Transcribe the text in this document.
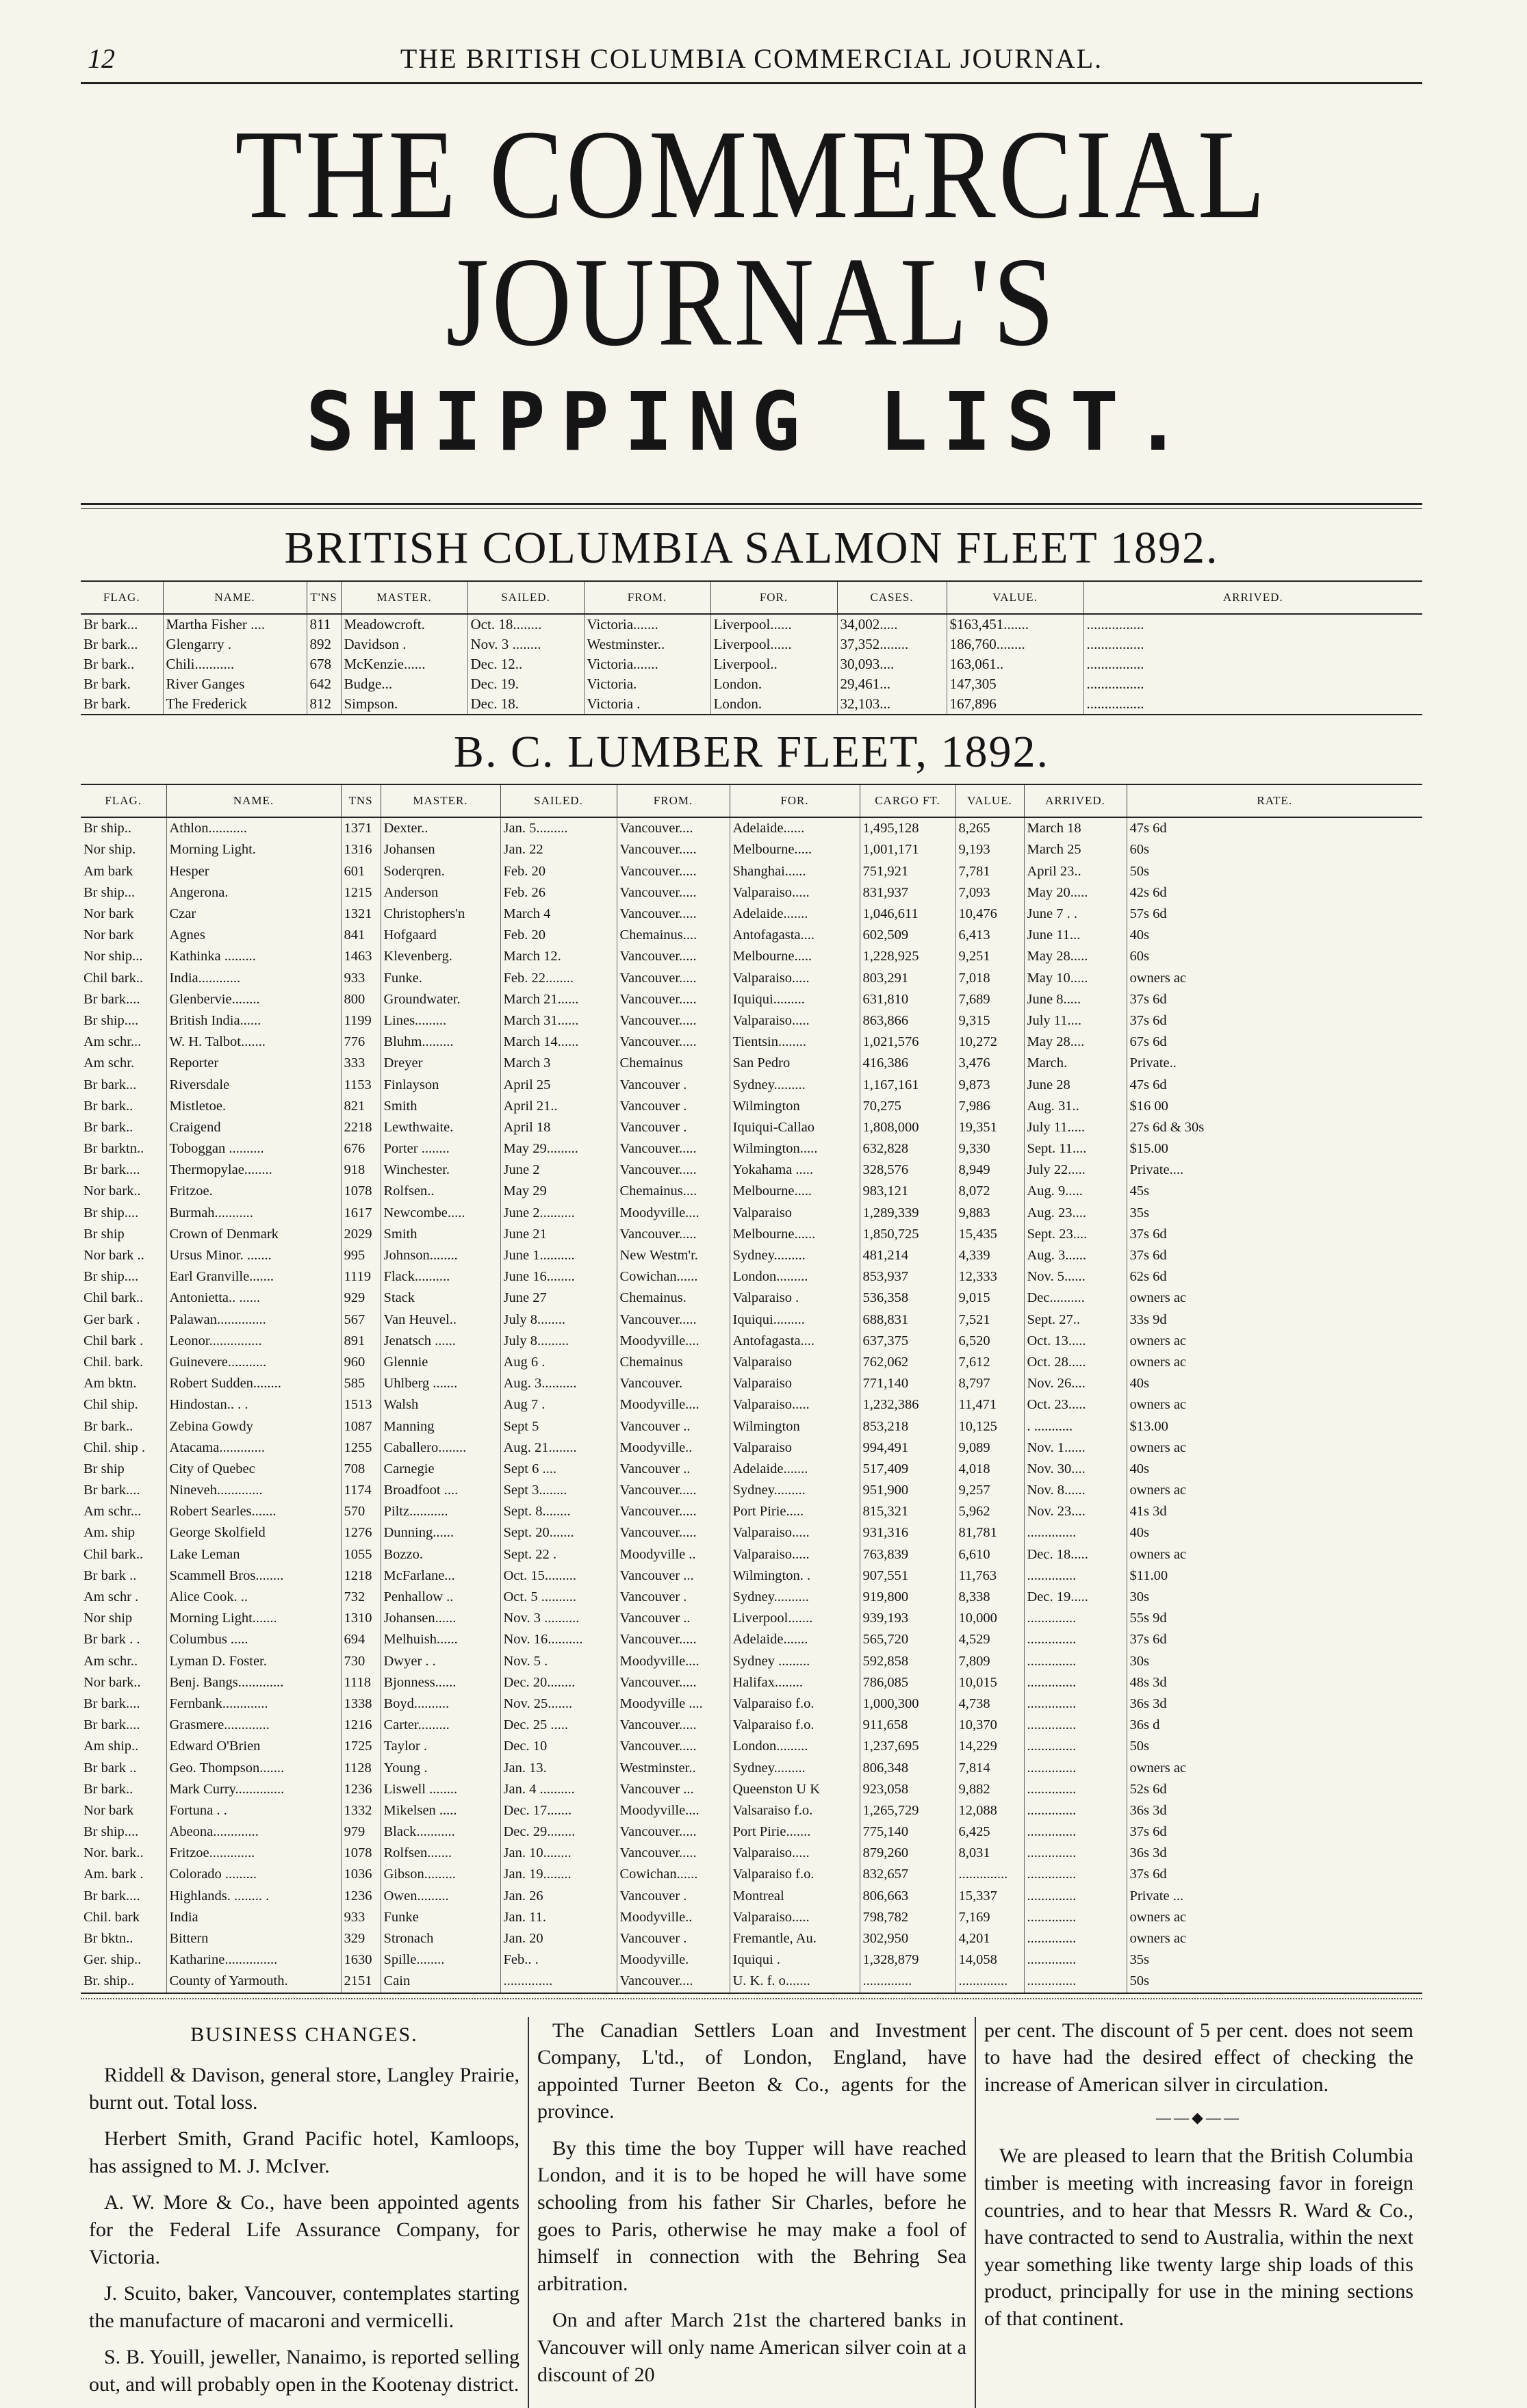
12	THE BRITISH COLUMBIA COMMERCIAL JOURNAL.
THE COMMERCIAL JOURNAL'S
SHIPPING LIST.
BRITISH COLUMBIA SALMON FLEET 1892.
FLAG.	NAME.	T'NS	MASTER.	SAILED.	FROM.	FOR.	CASES.	VALUE.	ARRIVED.
Br bark...	Martha Fisher ....	811	Meadowcroft.	Oct. 18........	Victoria.......	Liverpool......	34,002.....	$163,451.......	................
Br bark...	Glengarry .	892	Davidson .	Nov. 3 ........	Westminster..	Liverpool......	37,352........	186,760........	................
Br bark..	Chili...........	678	McKenzie......	Dec. 12..	Victoria.......	Liverpool..	30,093....	163,061..	................
Br bark.	River Ganges	642	Budge...	Dec. 19.	Victoria.	London.	29,461...	147,305	................
Br bark.	The Frederick	812	Simpson.	Dec. 18.	Victoria .	London.	32,103...	167,896	................
B. C. LUMBER FLEET, 1892.
FLAG.	NAME.	TNS	MASTER.	SAILED.	FROM.	FOR.	CARGO FT.	VALUE.	ARRIVED.	RATE.
Br ship..	Athlon...........	1371	Dexter..	Jan. 5.........	Vancouver....	Adelaide......	1,495,128	8,265	March 18	47s 6d
Nor ship.	Morning Light.	1316	Johansen	Jan. 22	Vancouver.....	Melbourne.....	1,001,171	9,193	March 25	60s
Am bark	Hesper	601	Soderqren.	Feb. 20	Vancouver.....	Shanghai......	751,921	7,781	April 23..	50s
Br ship...	Angerona.	1215	Anderson	Feb. 26	Vancouver.....	Valparaiso.....	831,937	7,093	May 20.....	42s 6d
Nor bark	Czar	1321	Christophers'n	March 4	Vancouver.....	Adelaide.......	1,046,611	10,476	June 7 . .	57s 6d
Nor bark	Agnes	841	Hofgaard	Feb. 20	Chemainus....	Antofagasta....	602,509	6,413	June 11...	40s
Nor ship...	Kathinka .........	1463	Klevenberg.	March 12.	Vancouver.....	Melbourne.....	1,228,925	9,251	May 28.....	60s
Chil bark..	India............	933	Funke.	Feb. 22........	Vancouver.....	Valparaiso.....	803,291	7,018	May 10.....	owners ac
Br bark....	Glenbervie........	800	Groundwater.	March 21......	Vancouver.....	Iquiqui.........	631,810	7,689	June 8.....	37s 6d
Br ship....	British India......	1199	Lines.........	March 31......	Vancouver.....	Valparaiso.....	863,866	9,315	July 11....	37s 6d
Am schr...	W. H. Talbot.......	776	Bluhm.........	March 14......	Vancouver.....	Tientsin........	1,021,576	10,272	May 28....	67s 6d
Am schr.	Reporter	333	Dreyer	March 3	Chemainus	San Pedro	416,386	3,476	March.	Private..
Br bark...	Riversdale	1153	Finlayson	April 25	Vancouver .	Sydney.........	1,167,161	9,873	June 28	47s 6d
Br bark..	Mistletoe.	821	Smith	April 21..	Vancouver .	Wilmington	70,275	7,986	Aug. 31..	$16 00
Br bark..	Craigend	2218	Lewthwaite.	April 18	Vancouver .	Iquiqui-Callao	1,808,000	19,351	July 11.....	27s 6d & 30s
Br barktn..	Toboggan ..........	676	Porter ........	May 29.........	Vancouver.....	Wilmington.....	632,828	9,330	Sept. 11....	$15.00
Br bark....	Thermopylae........	918	Winchester.	June 2	Vancouver.....	Yokahama .....	328,576	8,949	July 22.....	Private....
Nor bark..	Fritzoe.	1078	Rolfsen..	May 29	Chemainus....	Melbourne.....	983,121	8,072	Aug. 9.....	45s
Br ship....	Burmah...........	1617	Newcombe.....	June 2..........	Moodyville....	Valparaiso	1,289,339	9,883	Aug. 23....	35s
Br ship	Crown of Denmark	2029	Smith	June 21	Vancouver.....	Melbourne......	1,850,725	15,435	Sept. 23....	37s 6d
Nor bark ..	Ursus Minor. .......	995	Johnson........	June 1..........	New Westm'r.	Sydney.........	481,214	4,339	Aug. 3......	37s 6d
Br ship....	Earl Granville.......	1119	Flack..........	June 16........	Cowichan......	London.........	853,937	12,333	Nov. 5......	62s 6d
Chil bark..	Antonietta.. ......	929	Stack	June 27	Chemainus.	Valparaiso .	536,358	9,015	Dec..........	owners ac
Ger bark .	Palawan..............	567	Van Heuvel..	July 8........	Vancouver.....	Iquiqui.........	688,831	7,521	Sept. 27..	33s 9d
Chil bark .	Leonor...............	891	Jenatsch ......	July 8.........	Moodyville....	Antofagasta....	637,375	6,520	Oct. 13.....	owners ac
Chil. bark.	Guinevere...........	960	Glennie	Aug 6 .	Chemainus	Valparaiso	762,062	7,612	Oct. 28.....	owners ac
Am bktn.	Robert Sudden........	585	Uhlberg .......	Aug. 3..........	Vancouver.	Valparaiso	771,140	8,797	Nov. 26....	40s
Chil ship.	Hindostan.. . .	1513	Walsh	Aug 7 .	Moodyville....	Valparaiso.....	1,232,386	11,471	Oct. 23.....	owners ac
Br bark..	Zebina Gowdy	1087	Manning	Sept 5	Vancouver ..	Wilmington	853,218	10,125	. ...........	$13.00
Chil. ship .	Atacama.............	1255	Caballero........	Aug. 21........	Moodyville..	Valparaiso	994,491	9,089	Nov. 1......	owners ac
Br ship	City of Quebec	708	Carnegie	Sept 6 ....	Vancouver ..	Adelaide.......	517,409	4,018	Nov. 30....	40s
Br bark....	Nineveh.............	1174	Broadfoot ....	Sept 3........	Vancouver.....	Sydney.........	951,900	9,257	Nov. 8......	owners ac
Am schr...	Robert Searles.......	570	Piltz...........	Sept. 8........	Vancouver.....	Port Pirie.....	815,321	5,962	Nov. 23....	41s 3d
Am. ship	George Skolfield	1276	Dunning......	Sept. 20.......	Vancouver.....	Valparaiso.....	931,316	81,781	..............	40s
Chil bark..	Lake Leman	1055	Bozzo.	Sept. 22 .	Moodyville ..	Valparaiso.....	763,839	6,610	Dec. 18.....	owners ac
Br bark ..	Scammell Bros........	1218	McFarlane...	Oct. 15.........	Vancouver ...	Wilmington. .	907,551	11,763	..............	$11.00
Am schr .	Alice Cook. ..	732	Penhallow ..	Oct. 5 ..........	Vancouver .	Sydney..........	919,800	8,338	Dec. 19.....	30s
Nor ship	Morning Light.......	1310	Johansen......	Nov. 3 ..........	Vancouver ..	Liverpool.......	939,193	10,000	..............	55s 9d
Br bark . .	Columbus .....	694	Melhuish......	Nov. 16..........	Vancouver.....	Adelaide.......	565,720	4,529	..............	37s 6d
Am schr..	Lyman D. Foster.	730	Dwyer . .	Nov. 5 .	Moodyville....	Sydney .........	592,858	7,809	..............	30s
Nor bark..	Benj. Bangs.............	1118	Bjonness......	Dec. 20........	Vancouver.....	Halifax........	786,085	10,015	..............	48s 3d
Br bark....	Fernbank.............	1338	Boyd..........	Nov. 25.......	Moodyville ....	Valparaiso f.o.	1,000,300	4,738	..............	36s 3d
Br bark....	Grasmere.............	1216	Carter.........	Dec. 25 .....	Vancouver.....	Valparaiso f.o.	911,658	10,370	..............	36s d
Am ship..	Edward O'Brien	1725	Taylor .	Dec. 10	Vancouver.....	London.........	1,237,695	14,229	..............	50s
Br bark ..	Geo. Thompson.......	1128	Young .	Jan. 13.	Westminster..	Sydney.........	806,348	7,814	..............	owners ac
Br bark..	Mark Curry..............	1236	Liswell ........	Jan. 4 ..........	Vancouver ...	Queenston U K	923,058	9,882	..............	52s 6d
Nor bark	Fortuna . .	1332	Mikelsen .....	Dec. 17.......	Moodyville....	Valsaraiso f.o.	1,265,729	12,088	..............	36s 3d
Br ship....	Abeona.............	979	Black...........	Dec. 29........	Vancouver.....	Port Pirie.......	775,140	6,425	..............	37s 6d
Nor. bark..	Fritzoe.............	1078	Rolfsen.......	Jan. 10........	Vancouver.....	Valparaiso.....	879,260	8,031	..............	36s 3d
Am. bark .	Colorado .........	1036	Gibson.........	Jan. 19........	Cowichan......	Valparaiso f.o.	832,657	..............	..............	37s 6d
Br bark....	Highlands. ........ .	1236	Owen.........	Jan. 26	Vancouver .	Montreal	806,663	15,337	..............	Private ...
Chil. bark	India	933	Funke	Jan. 11.	Moodyville..	Valparaiso.....	798,782	7,169	..............	owners ac
Br bktn..	Bittern	329	Stronach	Jan. 20	Vancouver .	Fremantle, Au.	302,950	4,201	..............	owners ac
Ger. ship..	Katharine...............	1630	Spille........	Feb.. .	Moodyville.	Iquiqui .	1,328,879	14,058	..............	35s
Br. ship..	County of Yarmouth.	2151	Cain	..............	Vancouver....	U. K. f. o.......	..............	..............	..............	50s
BUSINESS CHANGES.

Riddell & Davison, general store, Langley Prairie, burnt out. Total loss.

Herbert Smith, Grand Pacific hotel, Kamloops, has assigned to M. J. McIver.

A. W. More & Co., have been appointed agents for the Federal Life Assurance Company, for Victoria.

J. Scuito, baker, Vancouver, contemplates starting the manufacture of macaroni and vermicelli.

S. B. Youill, jeweller, Nanaimo, is reported selling out, and will probably open in the Kootenay district.

The Canadian Settlers Loan and Investment Company, L'td., of London, England, have appointed Turner Beeton & Co., agents for the province.

By this time the boy Tupper will have reached London, and it is to be hoped he will have some schooling from his father Sir Charles, before he goes to Paris, otherwise he may make a fool of himself in connection with the Behring Sea arbitration.

On and after March 21st the chartered banks in Vancouver will only name American silver coin at a discount of 20

per cent. The discount of 5 per cent. does not seem to have had the desired effect of checking the increase of American silver in circulation.

——◆——

We are pleased to learn that the British Columbia timber is meeting with increasing favor in foreign countries, and to hear that Messrs R. Ward & Co., have contracted to send to Australia, within the next year something like twenty large ship loads of this product, principally for use in the mining sections of that continent.
